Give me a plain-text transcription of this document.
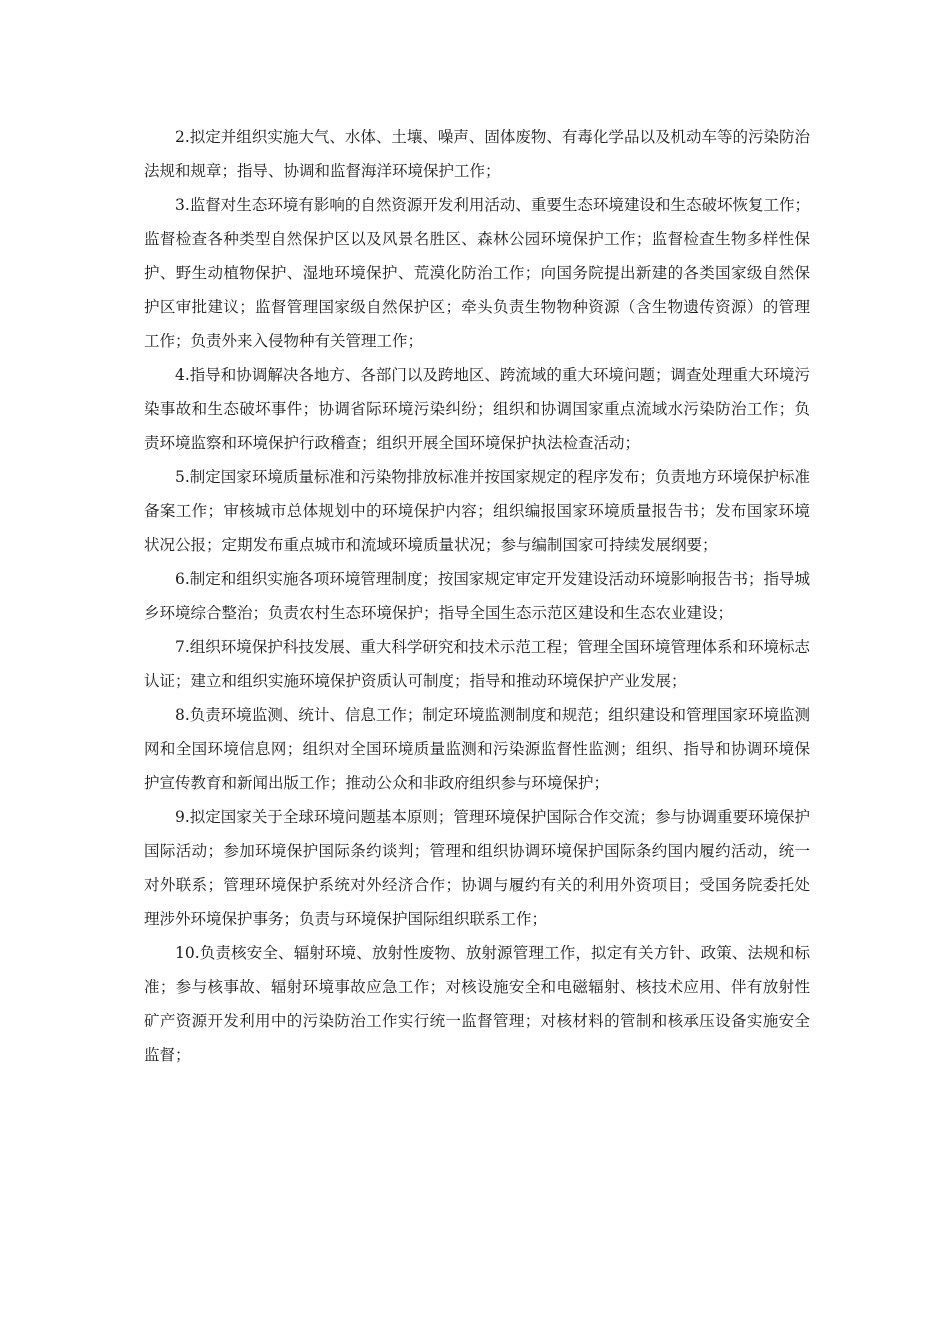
2.拟定并组织实施大气、水体、土壤、噪声、固体废物、有毒化学品以及机动车等的污染防治法规和规章；指导、协调和监督海洋环境保护工作；

3.监督对生态环境有影响的自然资源开发利用活动、重要生态环境建设和生态破坏恢复工作；监督检查各种类型自然保护区以及风景名胜区、森林公园环境保护工作；监督检查生物多样性保护、野生动植物保护、湿地环境保护、荒漠化防治工作；向国务院提出新建的各类国家级自然保护区审批建议；监督管理国家级自然保护区；牵头负责生物物种资源（含生物遗传资源）的管理工作；负责外来入侵物种有关管理工作；

4.指导和协调解决各地方、各部门以及跨地区、跨流域的重大环境问题；调查处理重大环境污染事故和生态破坏事件；协调省际环境污染纠纷；组织和协调国家重点流域水污染防治工作；负责环境监察和环境保护行政稽查；组织开展全国环境保护执法检查活动；

5.制定国家环境质量标准和污染物排放标准并按国家规定的程序发布；负责地方环境保护标准备案工作；审核城市总体规划中的环境保护内容；组织编报国家环境质量报告书；发布国家环境状况公报；定期发布重点城市和流域环境质量状况；参与编制国家可持续发展纲要；

6.制定和组织实施各项环境管理制度；按国家规定审定开发建设活动环境影响报告书；指导城乡环境综合整治；负责农村生态环境保护；指导全国生态示范区建设和生态农业建设；

7.组织环境保护科技发展、重大科学研究和技术示范工程；管理全国环境管理体系和环境标志认证；建立和组织实施环境保护资质认可制度；指导和推动环境保护产业发展；

8.负责环境监测、统计、信息工作；制定环境监测制度和规范；组织建设和管理国家环境监测网和全国环境信息网；组织对全国环境质量监测和污染源监督性监测；组织、指导和协调环境保护宣传教育和新闻出版工作；推动公众和非政府组织参与环境保护；

9.拟定国家关于全球环境问题基本原则；管理环境保护国际合作交流；参与协调重要环境保护国际活动；参加环境保护国际条约谈判；管理和组织协调环境保护国际条约国内履约活动，统一对外联系；管理环境保护系统对外经济合作；协调与履约有关的利用外资项目；受国务院委托处理涉外环境保护事务；负责与环境保护国际组织联系工作；

10.负责核安全、辐射环境、放射性废物、放射源管理工作，拟定有关方针、政策、法规和标准；参与核事故、辐射环境事故应急工作；对核设施安全和电磁辐射、核技术应用、伴有放射性矿产资源开发利用中的污染防治工作实行统一监督管理；对核材料的管制和核承压设备实施安全监督；
